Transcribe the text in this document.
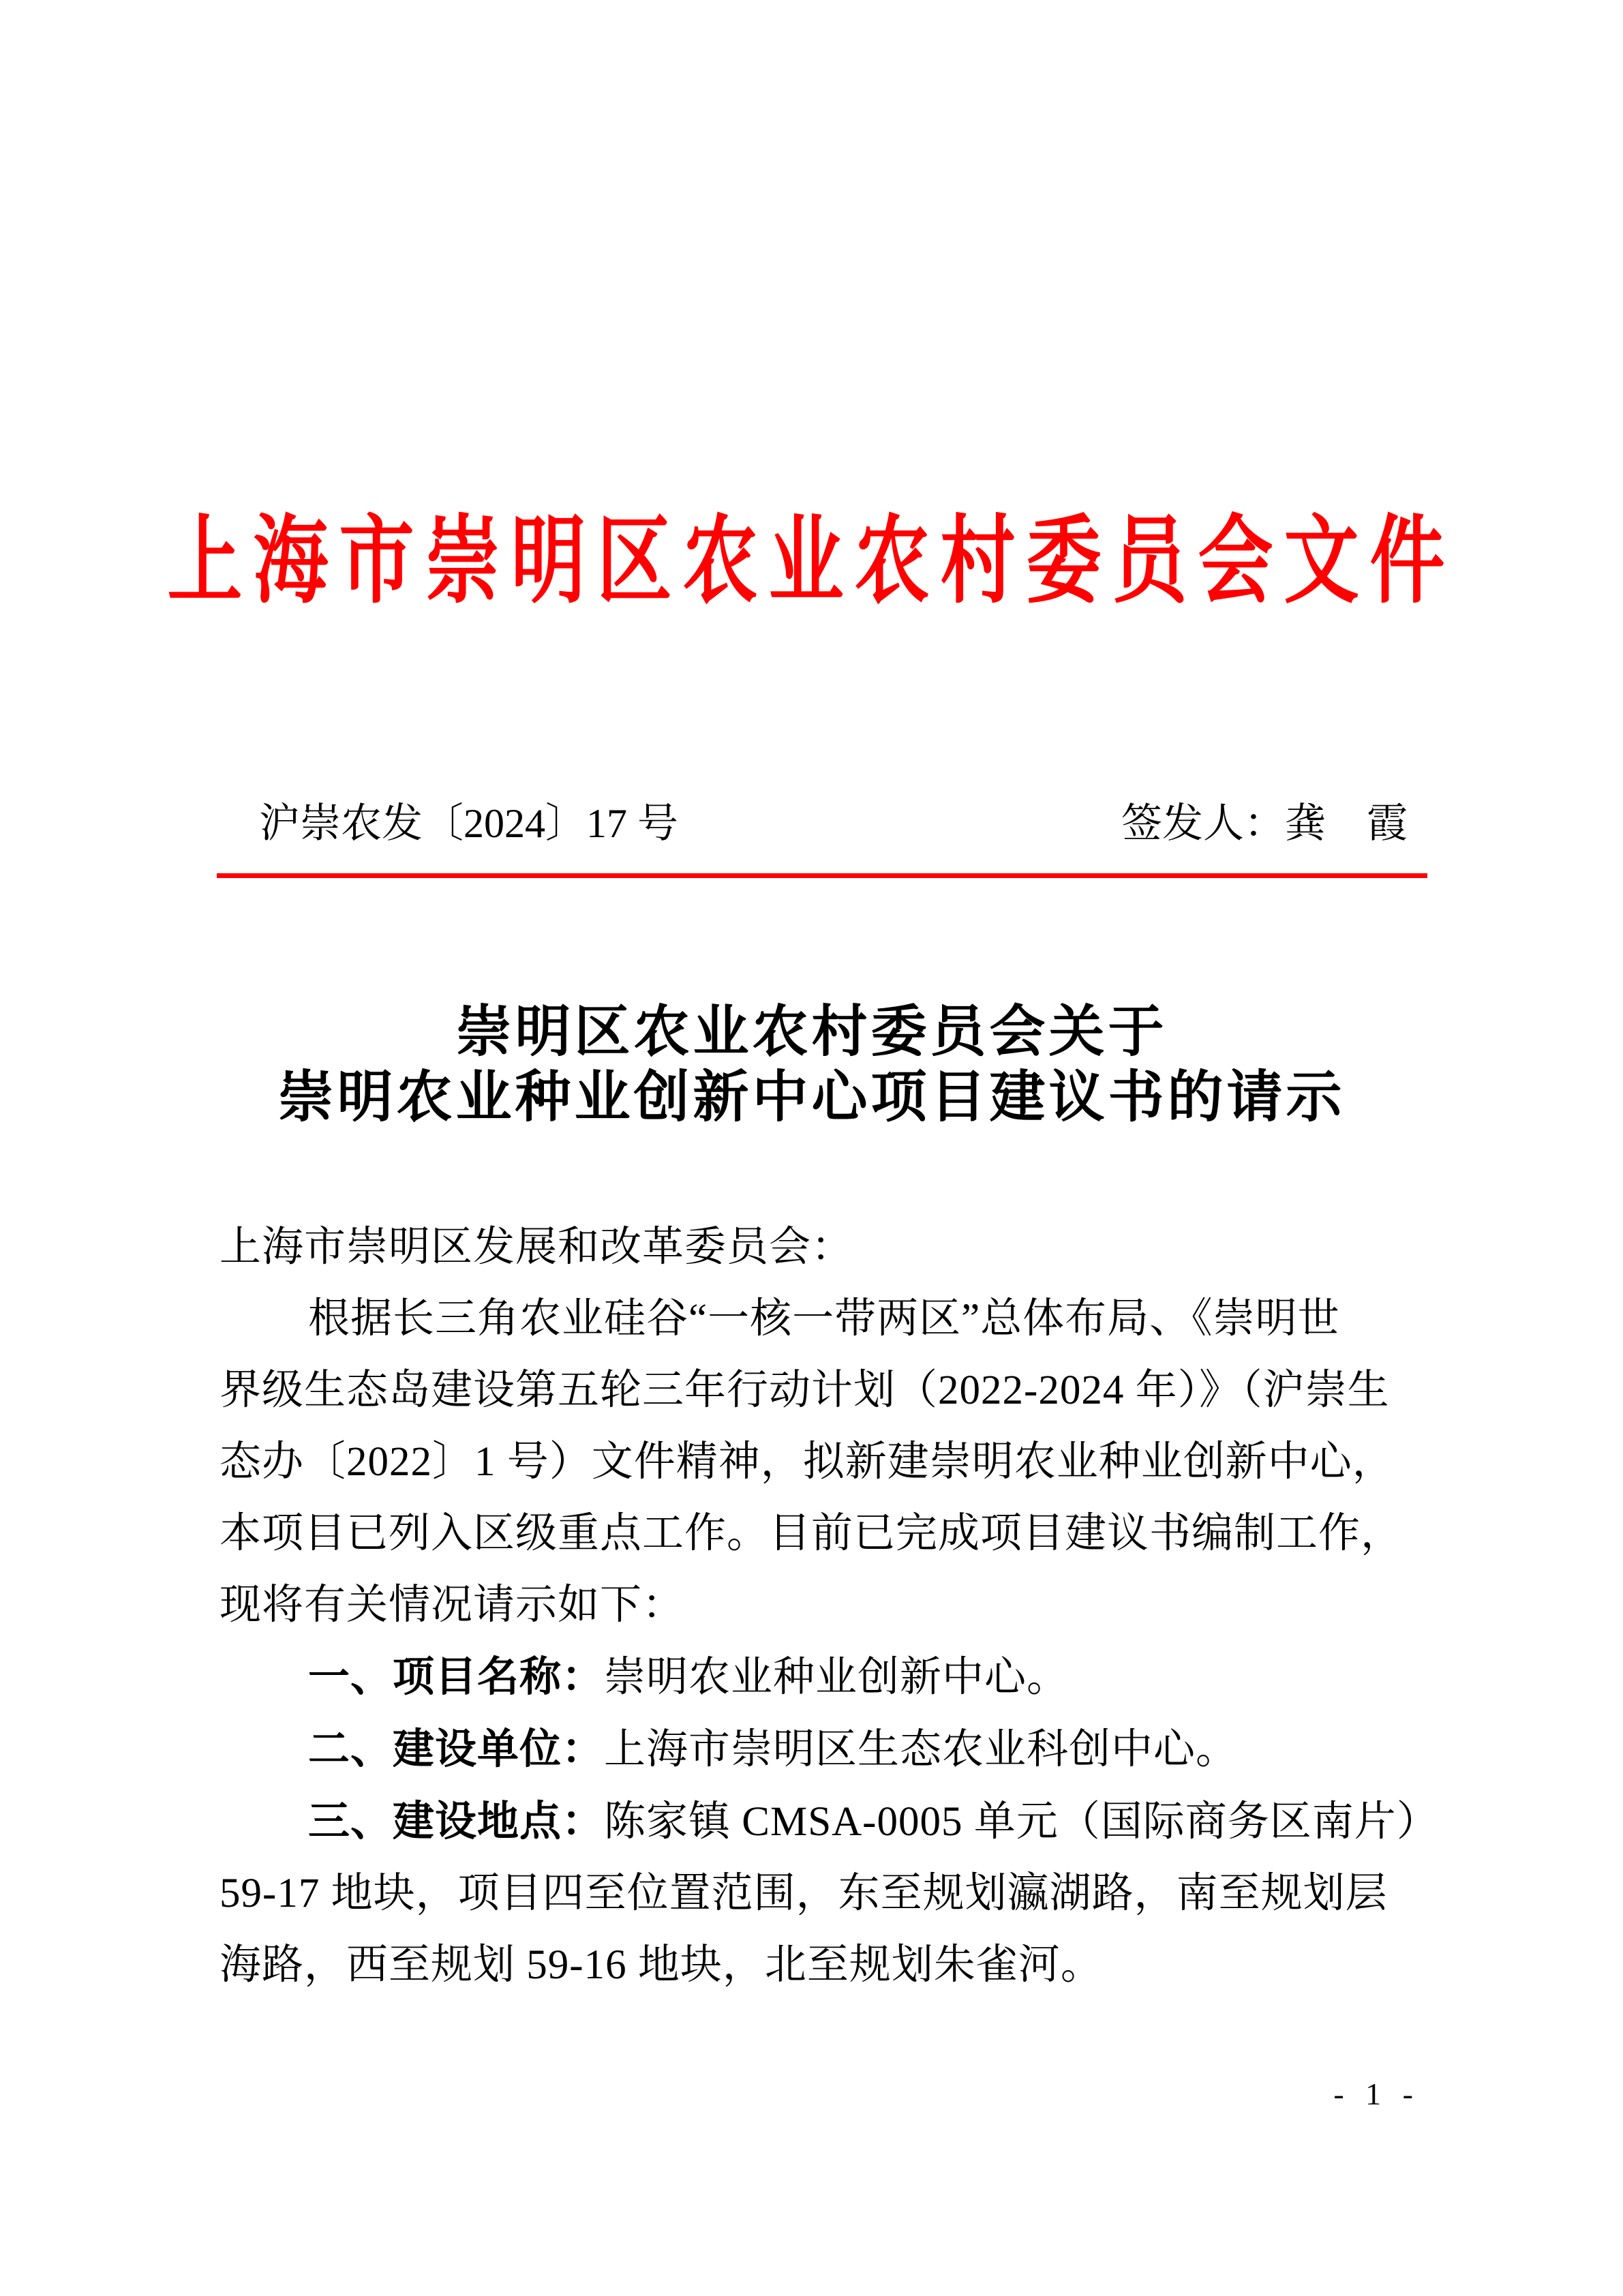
上海市崇明区农业农村委员会文件
沪崇农发〔2024〕17 号	签发人：龚　霞
崇明区农业农村委员会关于
崇明农业种业创新中心项目建议书的请示
上海市崇明区发展和改革委员会：
根据长三角农业硅谷“一核一带两区”总体布局、《崇明世
界级生态岛建设第五轮三年行动计划（2022-2024 年）》（沪崇生
态办〔2022〕1 号）文件精神，拟新建崇明农业种业创新中心，
本项目已列入区级重点工作。目前已完成项目建议书编制工作，
现将有关情况请示如下：
一、项目名称：崇明农业种业创新中心。
二、建设单位：上海市崇明区生态农业科创中心。
三、建设地点：陈家镇 CMSA-0005 单元（国际商务区南片）
59-17 地块，项目四至位置范围，东至规划瀛湖路，南至规划层
海路，西至规划 59-16 地块，北至规划朱雀河。
- 1 -
